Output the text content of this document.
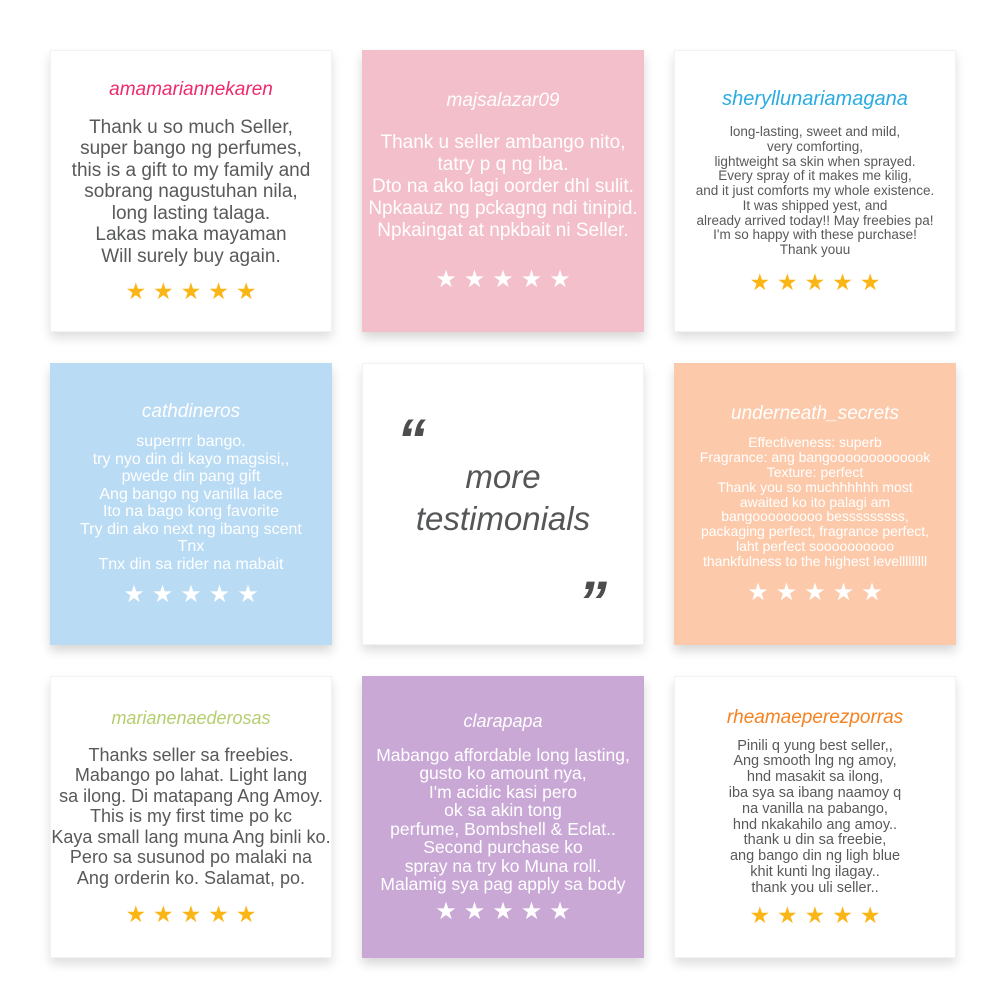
amamariannekaren
Thank u so much Seller,
super bango ng perfumes,
this is a gift to my family and
sobrang nagustuhan nila,
long lasting talaga.
Lakas maka mayaman
Will surely buy again.
★★★★★
majsalazar09
Thank u seller ambango nito,
tatry p q ng iba.
Dto na ako lagi oorder dhl sulit.
Npkaauz ng pckagng ndi tinipid.
Npkaingat at npkbait ni Seller.
★★★★★
sheryllunariamagana
long-lasting, sweet and mild,
very comforting,
lightweight sa skin when sprayed.
Every spray of it makes me kilig,
and it just comforts my whole existence.
It was shipped yest, and
already arrived today!! May freebies pa!
I'm so happy with these purchase!
Thank youu
★★★★★
cathdineros
superrrr bango.
try nyo din di kayo magsisi,,
pwede din pang gift
Ang bango ng vanilla lace
Ito na bago kong favorite
Try din ako next ng ibang scent
Tnx
Tnx din sa rider na mabait
★★★★★
“
more
testimonials
”
underneath_secrets
Effectiveness: superb
Fragrance: ang bangooooooooooook
Texture: perfect
Thank you so muchhhhhh most
awaited ko ito palagi am
bangooooooooo besssssssss,
packaging perfect, fragrance perfect,
laht perfect soooooooooo
thankfulness to the highest levelllllllll
★★★★★
marianenaederosas
Thanks seller sa freebies.
Mabango po lahat. Light lang
sa ilong. Di matapang Ang Amoy.
This is my first time po kc
Kaya small lang muna Ang binli ko.
Pero sa susunod po malaki na
Ang orderin ko. Salamat, po.
★★★★★
clarapapa
Mabango affordable long lasting,
gusto ko amount nya,
I'm acidic kasi pero
ok sa akin tong
perfume, Bombshell & Eclat..
Second purchase ko
spray na try ko Muna roll.
Malamig sya pag apply sa body
★★★★★
rheamaeperezporras
Pinili q yung best seller,,
Ang smooth lng ng amoy,
hnd masakit sa ilong,
iba sya sa ibang naamoy q
na vanilla na pabango,
hnd nkakahilo ang amoy..
thank u din sa freebie,
ang bango din ng ligh blue
khit kunti lng ilagay..
thank you uli seller..
★★★★★
